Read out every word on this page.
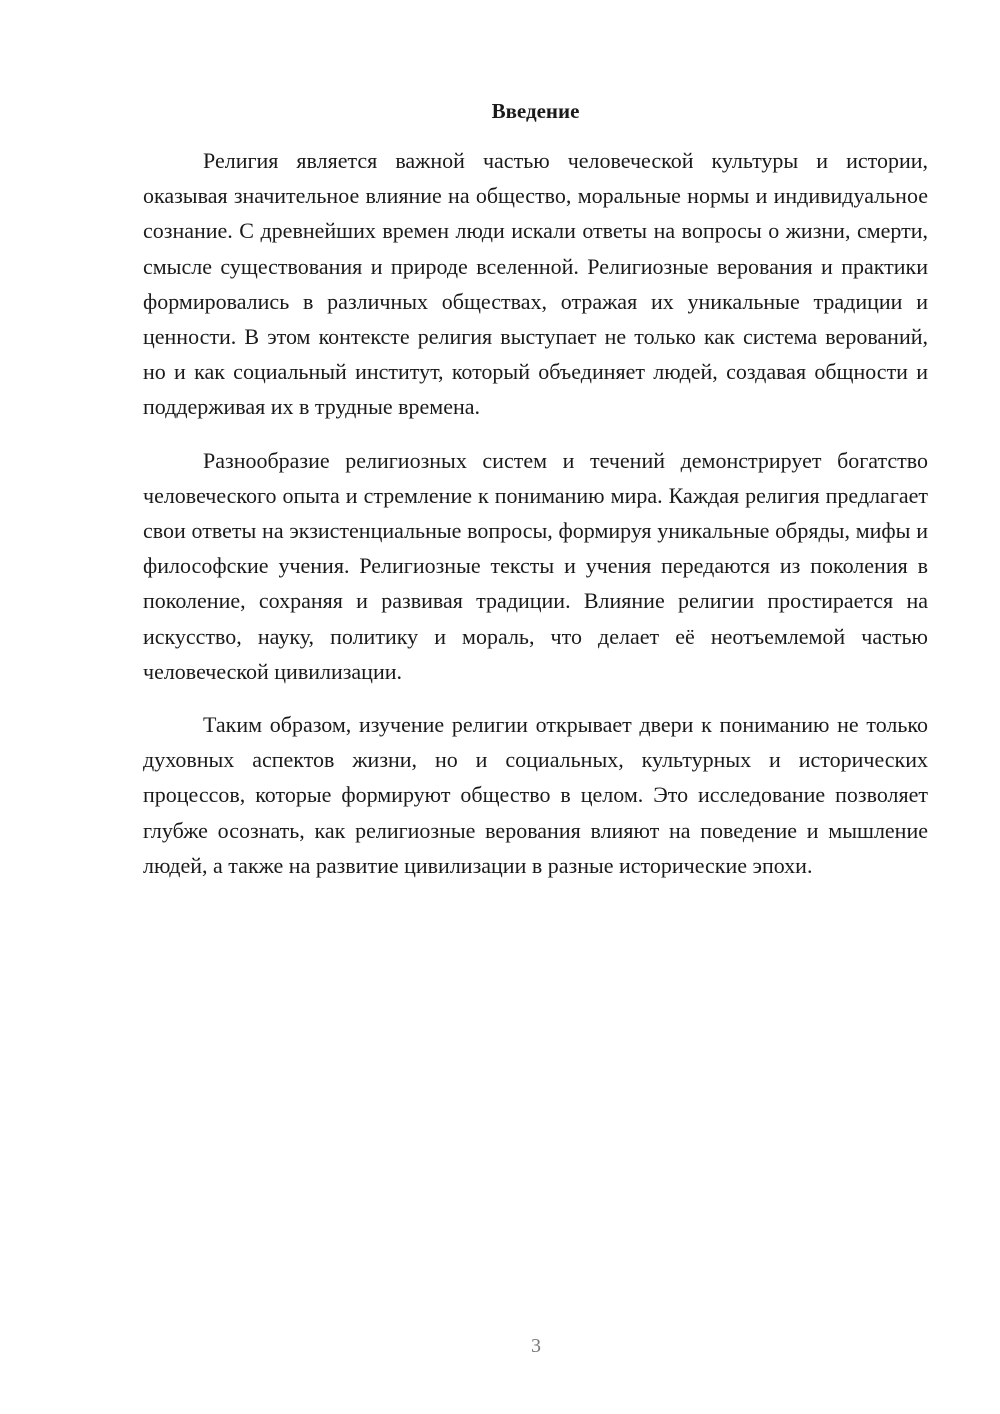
Введение

Религия является важной частью человеческой культуры и истории, оказывая значительное влияние на общество, моральные нормы и индивидуальное сознание. С древнейших времен люди искали ответы на вопросы о жизни, смерти, смысле существования и природе вселенной. Религиозные верования и практики формировались в различных обществах, отражая их уникальные традиции и ценности. В этом контексте религия выступает не только как система верований, но и как социальный институт, который объединяет людей, создавая общности и поддерживая их в трудные времена.

Разнообразие религиозных систем и течений демонстрирует богатство человеческого опыта и стремление к пониманию мира. Каждая религия предлагает свои ответы на экзистенциальные вопросы, формируя уникальные обряды, мифы и философские учения. Религиозные тексты и учения передаются из поколения в поколение, сохраняя и развивая традиции. Влияние религии простирается на искусство, науку, политику и мораль, что делает её неотъемлемой частью человеческой цивилизации.

Таким образом, изучение религии открывает двери к пониманию не только духовных аспектов жизни, но и социальных, культурных и исторических процессов, которые формируют общество в целом. Это исследование позволяет глубже осознать, как религиозные верования влияют на поведение и мышление людей, а также на развитие цивилизации в разные исторические эпохи.

3
